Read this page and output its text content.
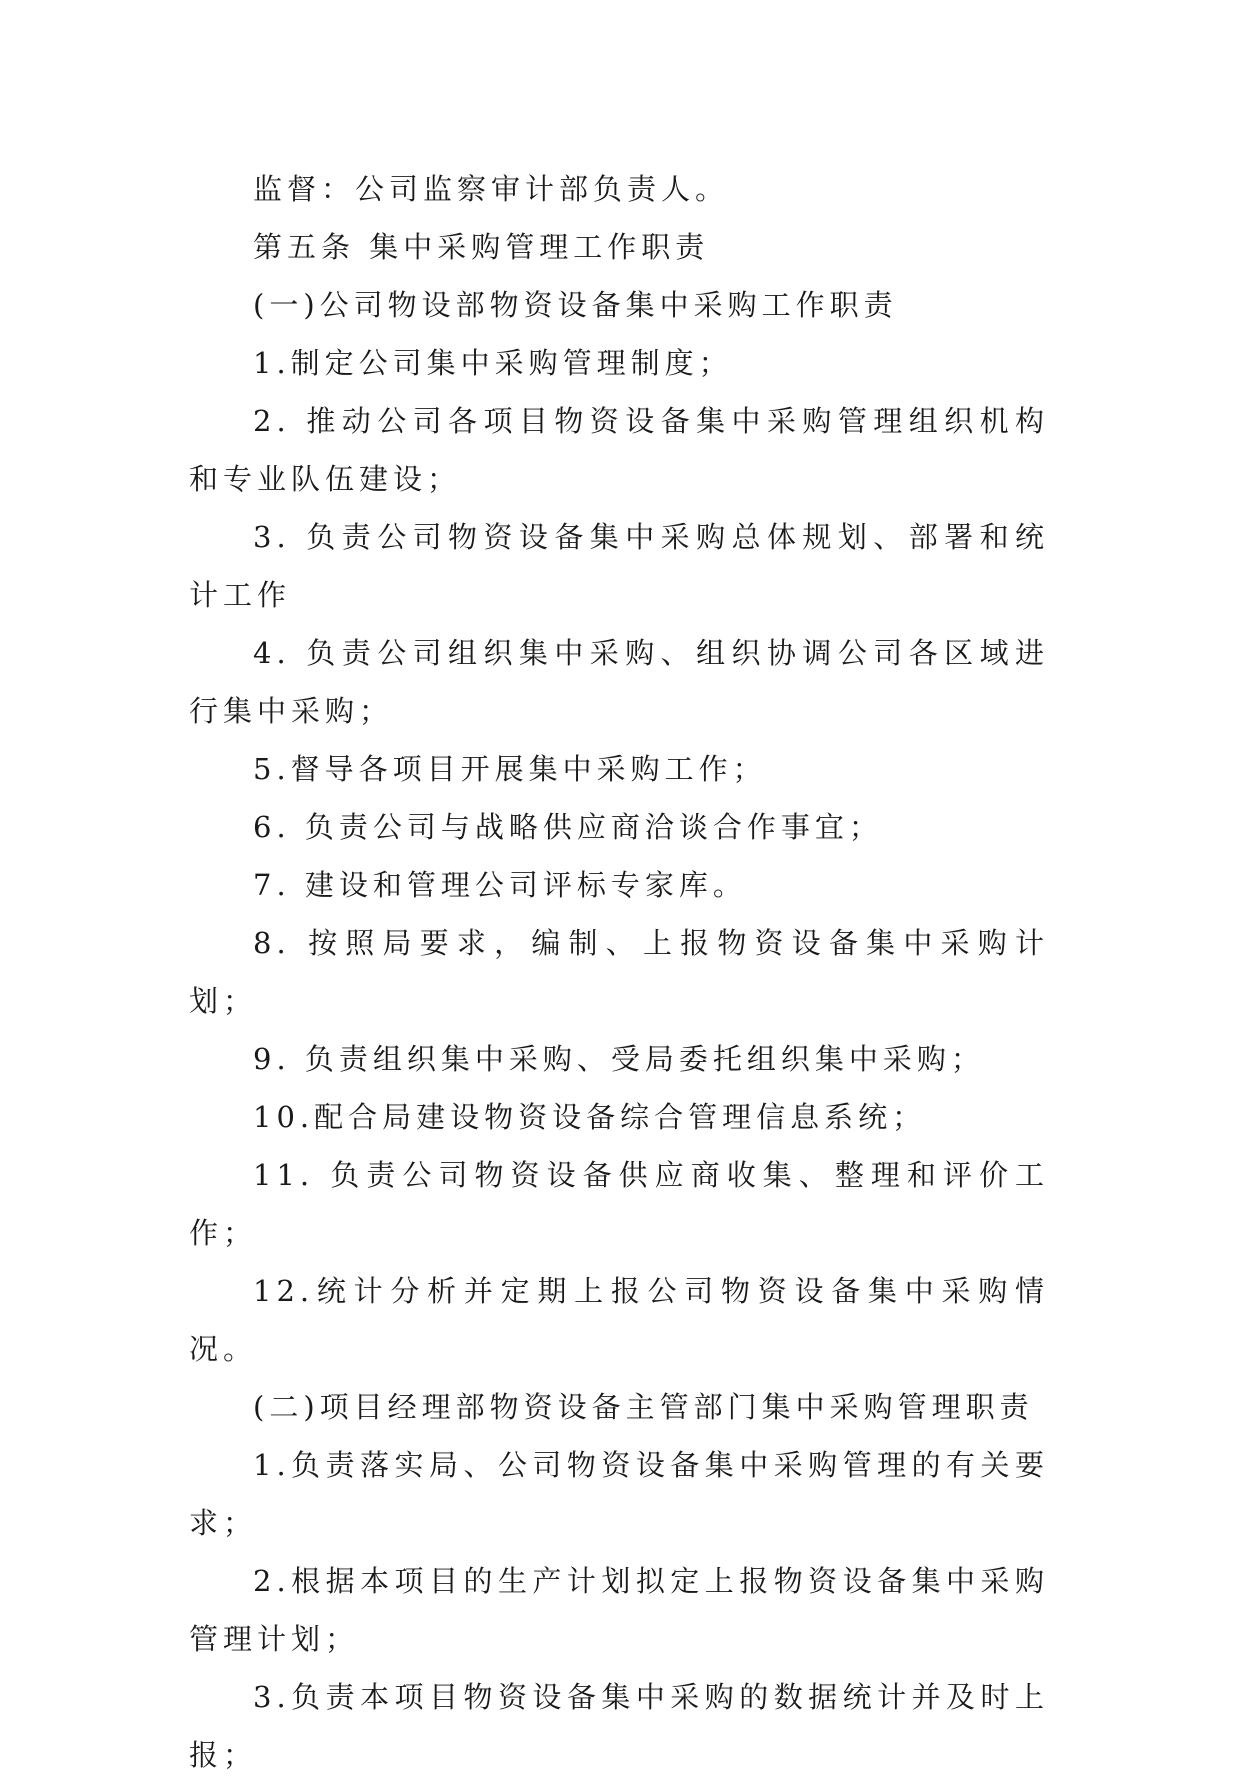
监督：公司监察审计部负责人。

第五条 集中采购管理工作职责

(一)公司物设部物资设备集中采购工作职责

1.制定公司集中采购管理制度；

2. 推动公司各项目物资设备集中采购管理组织机构和专业队伍建设；

3. 负责公司物资设备集中采购总体规划、部署和统计工作

4. 负责公司组织集中采购、组织协调公司各区域进行集中采购；

5.督导各项目开展集中采购工作；

6. 负责公司与战略供应商洽谈合作事宜；

7. 建设和管理公司评标专家库。

8. 按照局要求，编制、上报物资设备集中采购计划；

9. 负责组织集中采购、受局委托组织集中采购；

10.配合局建设物资设备综合管理信息系统；

11. 负责公司物资设备供应商收集、整理和评价工作；

12.统计分析并定期上报公司物资设备集中采购情况。

(二)项目经理部物资设备主管部门集中采购管理职责

1.负责落实局、公司物资设备集中采购管理的有关要求；

2.根据本项目的生产计划拟定上报物资设备集中采购管理计划；

3.负责本项目物资设备集中采购的数据统计并及时上报；
